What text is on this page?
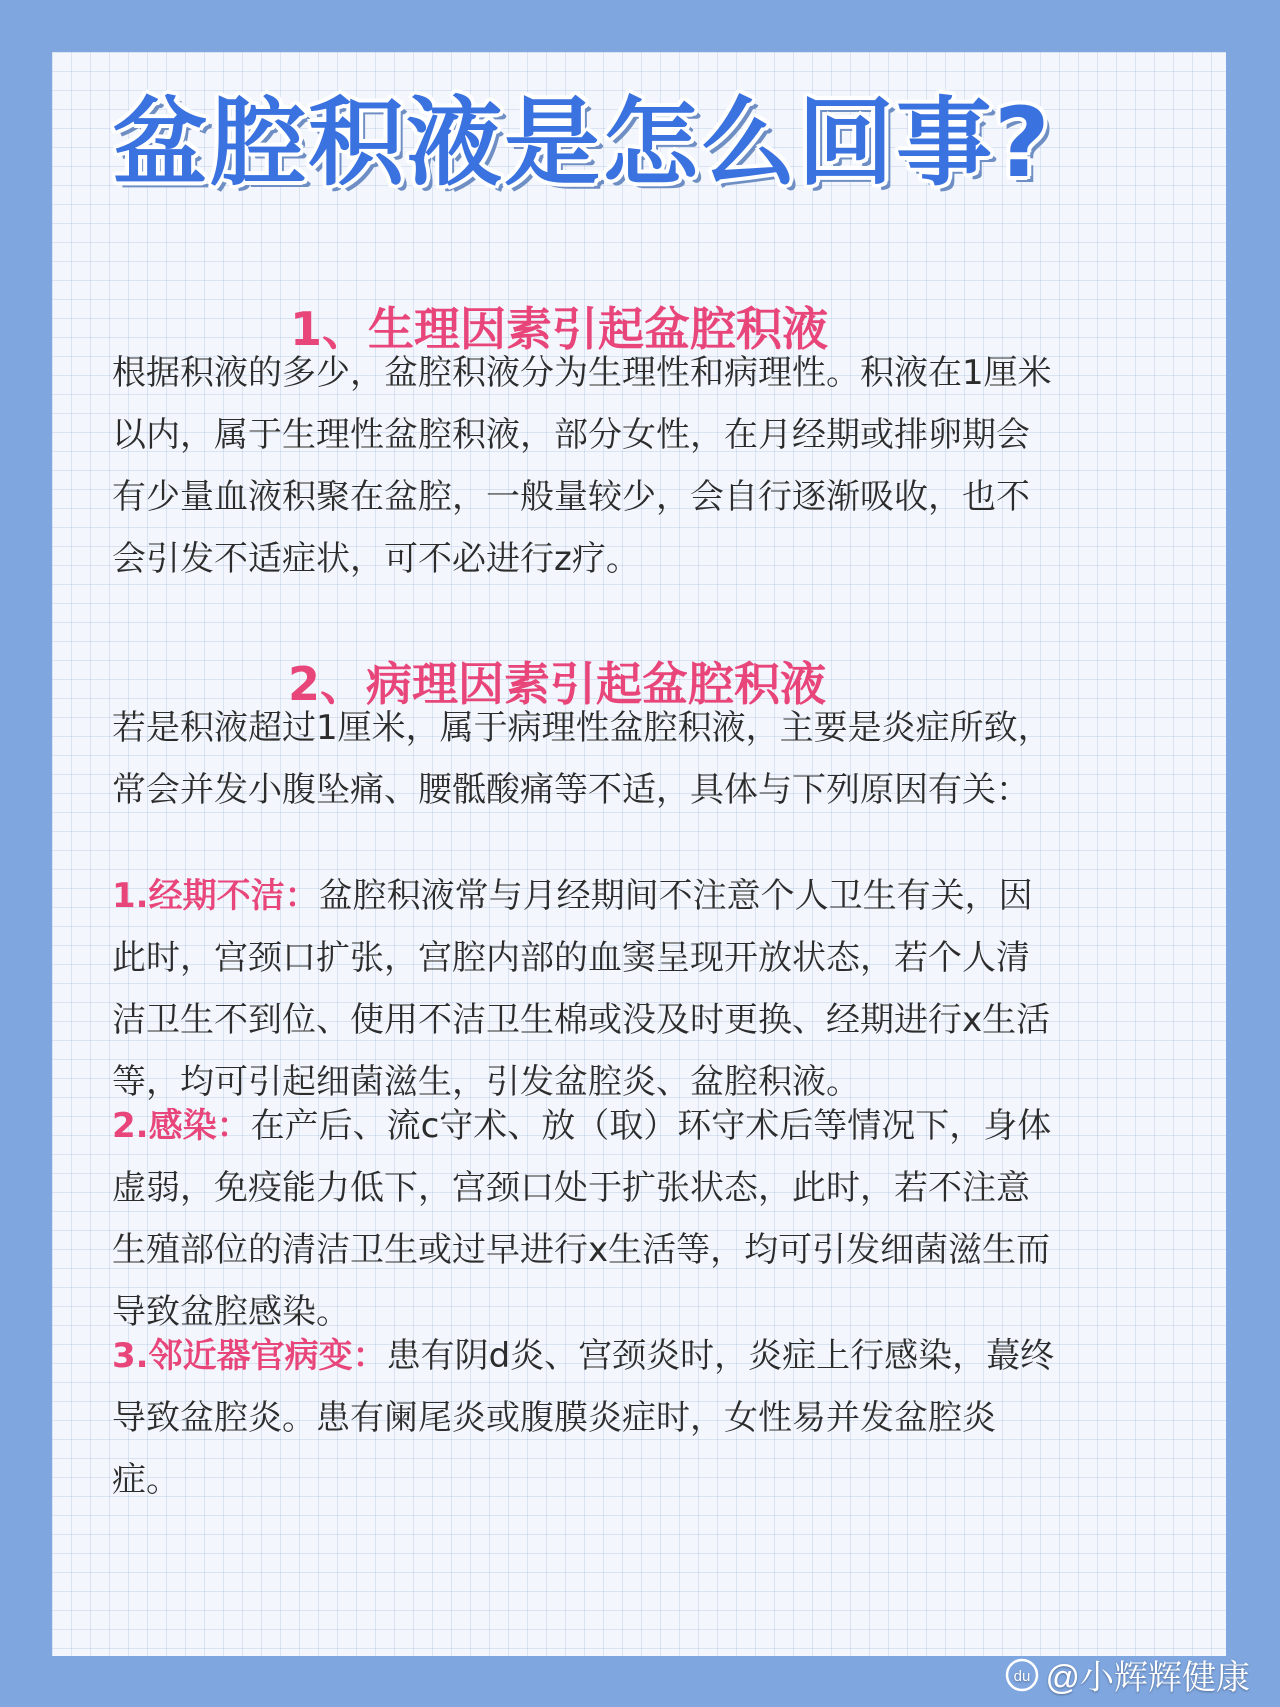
盆腔积液是怎么回事?
1、生理因素引起盆腔积液

根据积液的多少，盆腔积液分为生理性和病理性。积液在1厘米
以内，属于生理性盆腔积液，部分女性，在月经期或排卵期会
有少量血液积聚在盆腔，一般量较少，会自行逐渐吸收，也不
会引发不适症状，可不必进行z疗。

2、病理因素引起盆腔积液

若是积液超过1厘米，属于病理性盆腔积液，主要是炎症所致，
常会并发小腹坠痛、腰骶酸痛等不适，具体与下列原因有关：

1.经期不洁：盆腔积液常与月经期间不注意个人卫生有关，因
此时，宫颈口扩张，宫腔内部的血窦呈现开放状态，若个人清
洁卫生不到位、使用不洁卫生棉或没及时更换、经期进行x生活
等，均可引起细菌滋生，引发盆腔炎、盆腔积液。

2.感染：在产后、流c守术、放（取）环守术后等情况下，身体
虚弱，免疫能力低下，宫颈口处于扩张状态，此时，若不注意
生殖部位的清洁卫生或过早进行x生活等，均可引发细菌滋生而
导致盆腔感染。

3.邻近器官病变：患有阴d炎、宫颈炎时，炎症上行感染，蕞终
导致盆腔炎。患有阑尾炎或腹膜炎症时，女性易并发盆腔炎
症。

du @小辉辉健康
